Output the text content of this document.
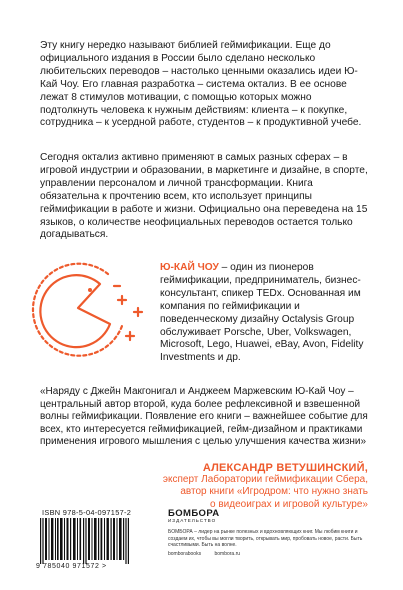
Эту книгу нередко называют библией геймификации. Еще до официального издания в России было сделано несколько любительских переводов – настолько ценными оказались идеи Ю-Кай Чоу. Его главная разработка – система октализ. В ее основе лежат 8 стимулов мотивации, с помощью которых можно подтолкнуть человека к нужным действиям: клиента – к покупке, сотрудника – к усердной работе, студентов – к продуктивной учебе.
Сегодня октализ активно применяют в самых разных сферах – в игровой индустрии и образовании, в маркетинге и дизайне, в спорте, управлении персоналом и личной трансформации. Книга обязательна к прочтению всем, кто использует принципы геймификации в работе и жизни. Официально она переведена на 15 языков, о количестве неофициальных переводов остается только догадываться.
Ю-КАЙ ЧОУ – один из пионеров геймификации, предприниматель, бизнес-консультант, спикер TEDx. Основанная им компания по геймификации и поведенческому дизайну Octalysis Group обслуживает Porsche, Uber, Volkswagen, Microsoft, Lego, Huawei, eBay, Avon, Fidelity Investments и др.
«Наряду с Джейн Макгонигал и Анджеем Маржевским Ю-Кай Чоу – центральный автор второй, куда более рефлексивной и взвешенной волны геймификации. Появление его книги – важнейшее событие для всех, кто интересуется геймификацией, гейм-дизайном и практиками применения игрового мышления с целью улучшения качества жизни»
АЛЕКСАНДР ВЕТУШИНСКИЙ,
эксперт Лаборатории геймификации Сбера,
автор книги «Игродром: что нужно знать
о видеоиграх и игровой культуре»
ISBN 978-5-04-097157-2
9 785040 971572 >
БОМБОРА
ИЗДАТЕЛЬСТВО
БОМБОРА – лидер на рынке полезных и вдохновляющих книг. Мы любим книги и создаем их, чтобы вы могли творить, открывать мир, пробовать новое, расти. Быть счастливыми. Быть на волне.
bomborabooks	bombora.ru
